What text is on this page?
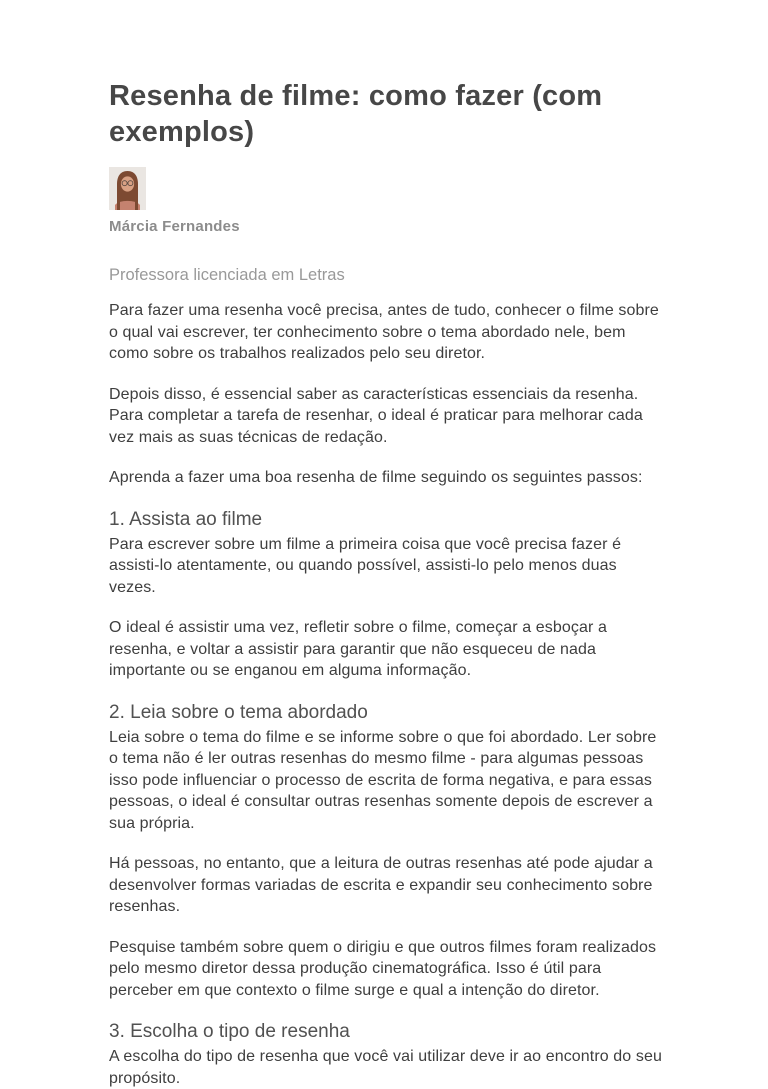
Resenha de filme: como fazer (com exemplos)
Márcia Fernandes
Professora licenciada em Letras

Para fazer uma resenha você precisa, antes de tudo, conhecer o filme sobre o qual vai escrever, ter conhecimento sobre o tema abordado nele, bem como sobre os trabalhos realizados pelo seu diretor.

Depois disso, é essencial saber as características essenciais da resenha. Para completar a tarefa de resenhar, o ideal é praticar para melhorar cada vez mais as suas técnicas de redação.

Aprenda a fazer uma boa resenha de filme seguindo os seguintes passos:

1. Assista ao filme

Para escrever sobre um filme a primeira coisa que você precisa fazer é assisti-lo atentamente, ou quando possível, assisti-lo pelo menos duas vezes.

O ideal é assistir uma vez, refletir sobre o filme, começar a esboçar a resenha, e voltar a assistir para garantir que não esqueceu de nada importante ou se enganou em alguma informação.

2. Leia sobre o tema abordado

Leia sobre o tema do filme e se informe sobre o que foi abordado. Ler sobre o tema não é ler outras resenhas do mesmo filme - para algumas pessoas isso pode influenciar o processo de escrita de forma negativa, e para essas pessoas, o ideal é consultar outras resenhas somente depois de escrever a sua própria.

Há pessoas, no entanto, que a leitura de outras resenhas até pode ajudar a desenvolver formas variadas de escrita e expandir seu conhecimento sobre resenhas.

Pesquise também sobre quem o dirigiu e que outros filmes foram realizados pelo mesmo diretor dessa produção cinematográfica. Isso é útil para perceber em que contexto o filme surge e qual a intenção do diretor.

3. Escolha o tipo de resenha

A escolha do tipo de resenha que você vai utilizar deve ir ao encontro do seu propósito.
